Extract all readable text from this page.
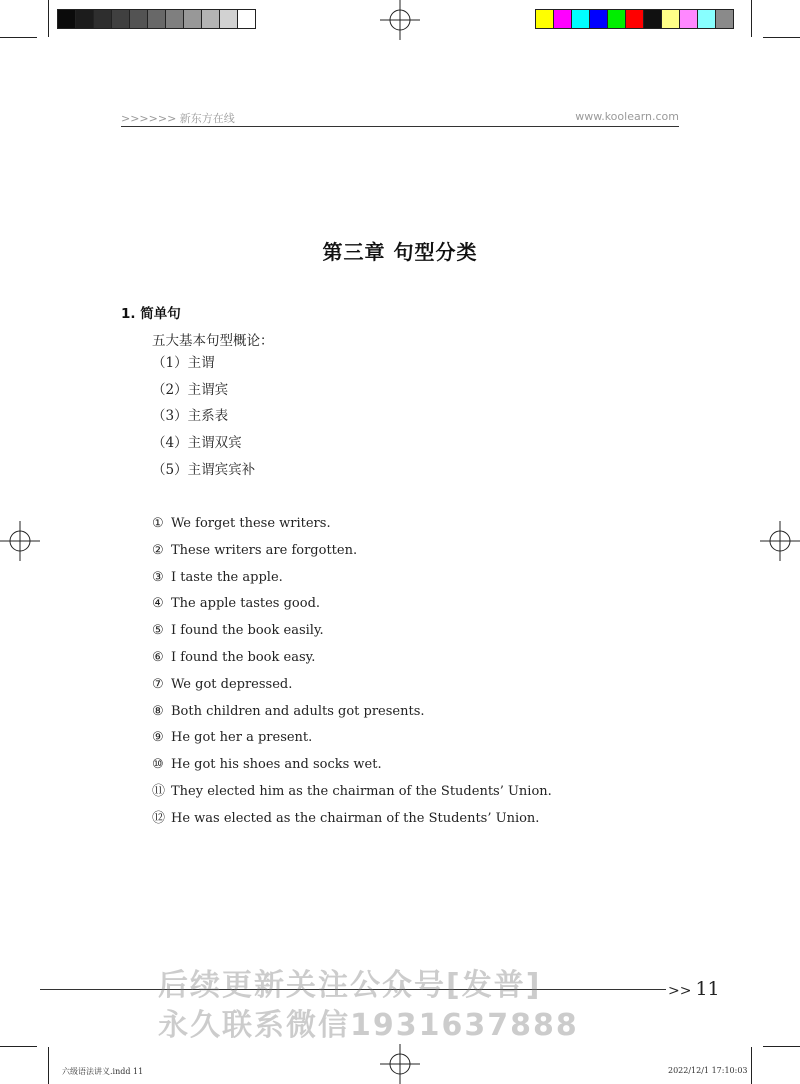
>>>>>> 新东方在线	www.koolearn.com
第三章 句型分类
1. 简单句
五大基本句型概论：
（1）主谓
（2）主谓宾
（3）主系表
（4）主谓双宾
（5）主谓宾宾补
① We forget these writers.
② These writers are forgotten.
③ I taste the apple.
④ The apple tastes good.
⑤ I found the book easily.
⑥ I found the book easy.
⑦ We got depressed.
⑧ Both children and adults got presents.
⑨ He got her a present.
⑩ He got his shoes and socks wet.
⑪ They elected him as the chairman of the Students’ Union.
⑫ He was elected as the chairman of the Students’ Union.
>> 11
后续更新关注公众号[发普]
永久联系微信1931637888
六级语法讲义.indd 11	2022/12/1 17:10:03
